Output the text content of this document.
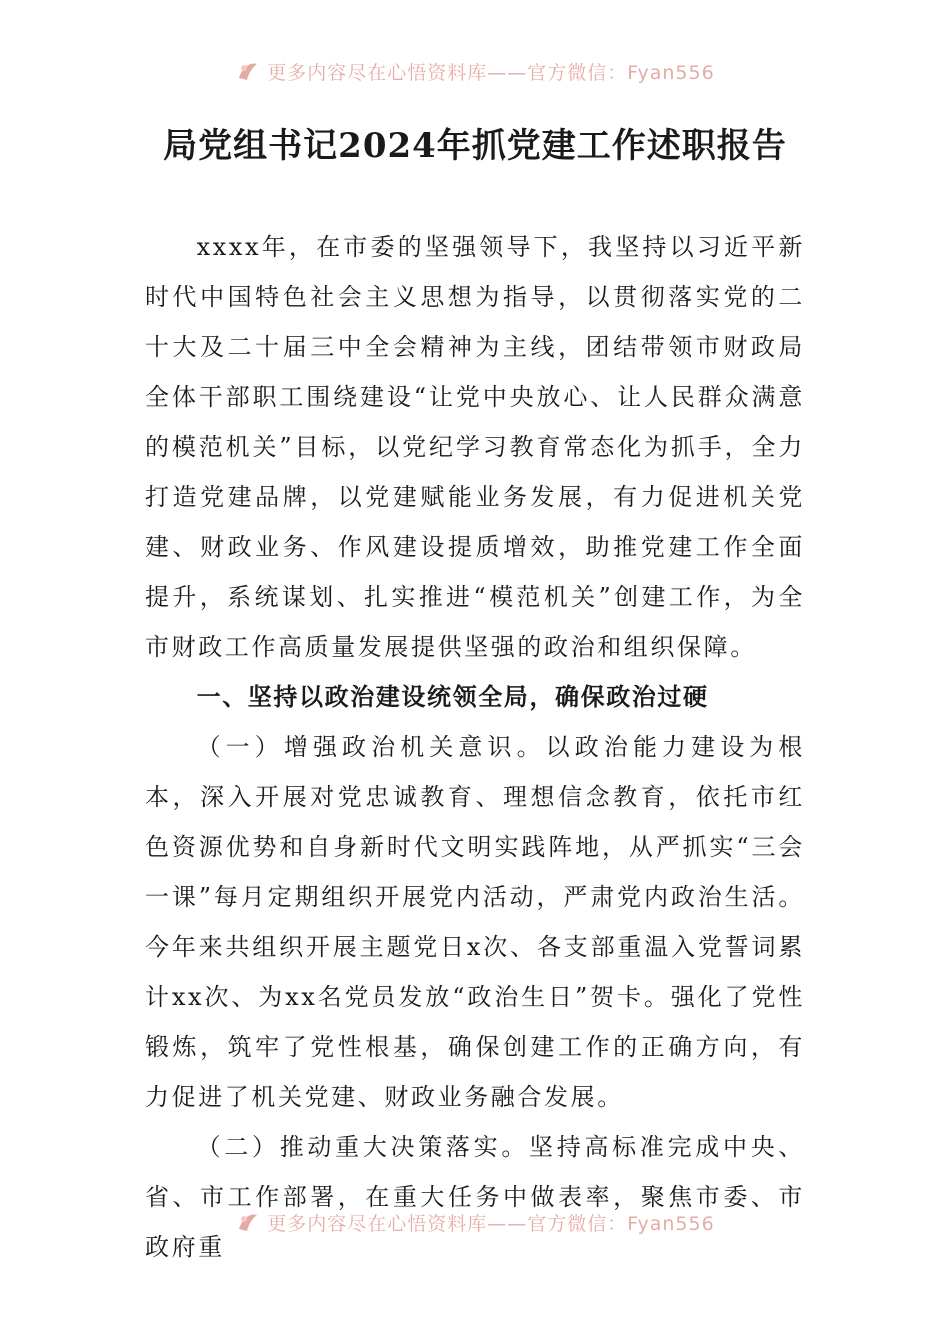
更多内容尽在心悟资料库——官方微信：Fyan556
局党组书记2024年抓党建工作述职报告

xxxx年，在市委的坚强领导下，我坚持以习近平新时代中国特色社会主义思想为指导，以贯彻落实党的二十大及二十届三中全会精神为主线，团结带领市财政局全体干部职工围绕建设“让党中央放心、让人民群众满意的模范机关”目标，以党纪学习教育常态化为抓手，全力打造党建品牌，以党建赋能业务发展，有力促进机关党建、财政业务、作风建设提质增效，助推党建工作全面提升，系统谋划、扎实推进“模范机关”创建工作，为全市财政工作高质量发展提供坚强的政治和组织保障。

一、坚持以政治建设统领全局，确保政治过硬

（一）增强政治机关意识。以政治能力建设为根本，深入开展对党忠诚教育、理想信念教育，依托市红色资源优势和自身新时代文明实践阵地，从严抓实“三会一课”每月定期组织开展党内活动，严肃党内政治生活。今年来共组织开展主题党日x次、各支部重温入党誓词累计xx次、为xx名党员发放“政治生日”贺卡。强化了党性锻炼，筑牢了党性根基，确保创建工作的正确方向，有力促进了机关党建、财政业务融合发展。

（二）推动重大决策落实。坚持高标准完成中央、省、市工作部署，在重大任务中做表率，聚焦市委、市政府重

更多内容尽在心悟资料库——官方微信：Fyan556
